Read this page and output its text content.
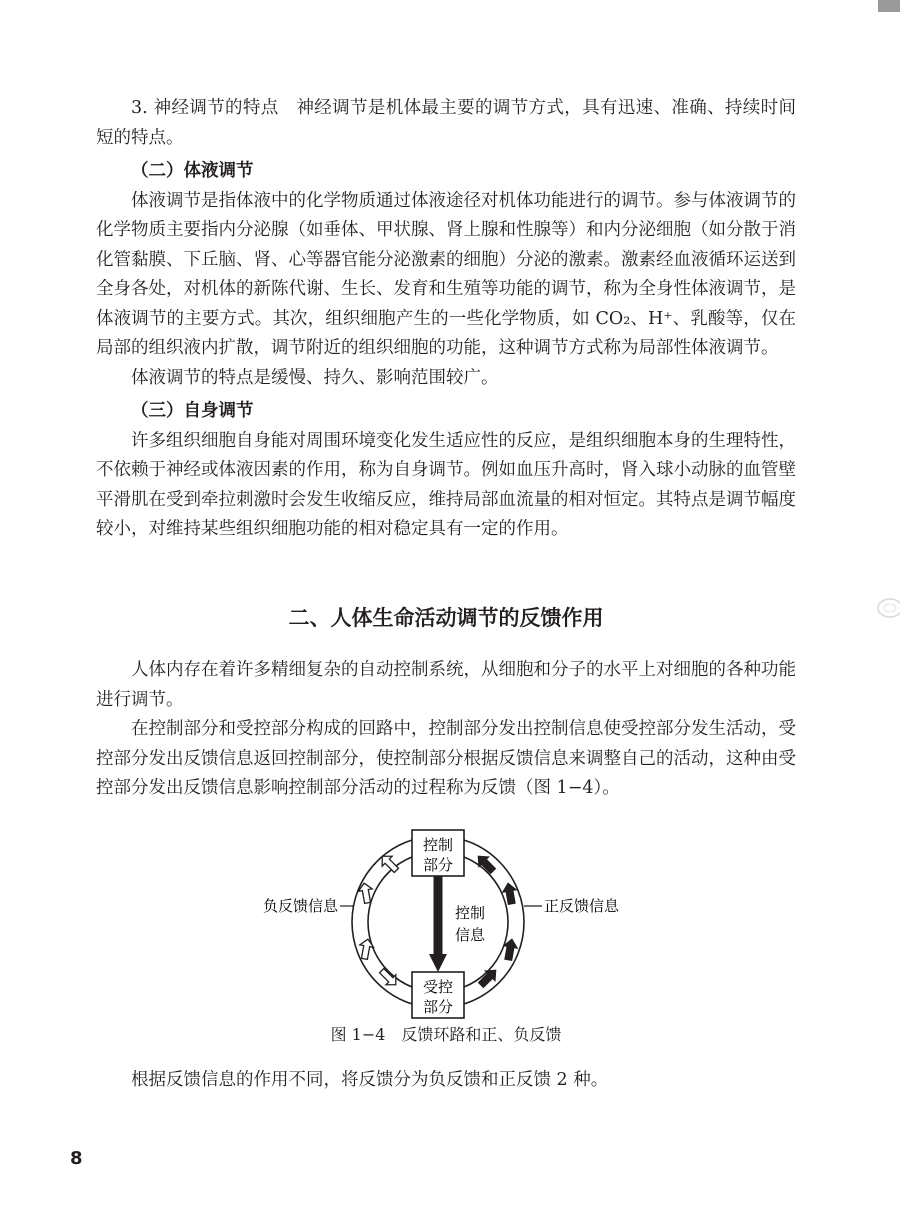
3. 神经调节的特点　神经调节是机体最主要的调节方式，具有迅速、准确、持续时间短的特点。

（二）体液调节

体液调节是指体液中的化学物质通过体液途径对机体功能进行的调节。参与体液调节的化学物质主要指内分泌腺（如垂体、甲状腺、肾上腺和性腺等）和内分泌细胞（如分散于消化管黏膜、下丘脑、肾、心等器官能分泌激素的细胞）分泌的激素。激素经血液循环运送到全身各处，对机体的新陈代谢、生长、发育和生殖等功能的调节，称为全身性体液调节，是体液调节的主要方式。其次，组织细胞产生的一些化学物质，如 CO₂、H⁺、乳酸等，仅在局部的组织液内扩散，调节附近的组织细胞的功能，这种调节方式称为局部性体液调节。

体液调节的特点是缓慢、持久、影响范围较广。

（三）自身调节

许多组织细胞自身能对周围环境变化发生适应性的反应，是组织细胞本身的生理特性，不依赖于神经或体液因素的作用，称为自身调节。例如血压升高时，肾入球小动脉的血管壁平滑肌在受到牵拉刺激时会发生收缩反应，维持局部血流量的相对恒定。其特点是调节幅度较小，对维持某些组织细胞功能的相对稳定具有一定的作用。

二、人体生命活动调节的反馈作用

人体内存在着许多精细复杂的自动控制系统，从细胞和分子的水平上对细胞的各种功能进行调节。

在控制部分和受控部分构成的回路中，控制部分发出控制信息使受控部分发生活动，受控部分发出反馈信息返回控制部分，使控制部分根据反馈信息来调整自己的活动，这种由受控部分发出反馈信息影响控制部分活动的过程称为反馈（图 1−4）。

控制
部分
受控
部分
控制
信息
负反馈信息	正反馈信息

图 1−4　反馈环路和正、负反馈

根据反馈信息的作用不同，将反馈分为负反馈和正反馈 2 种。

8
